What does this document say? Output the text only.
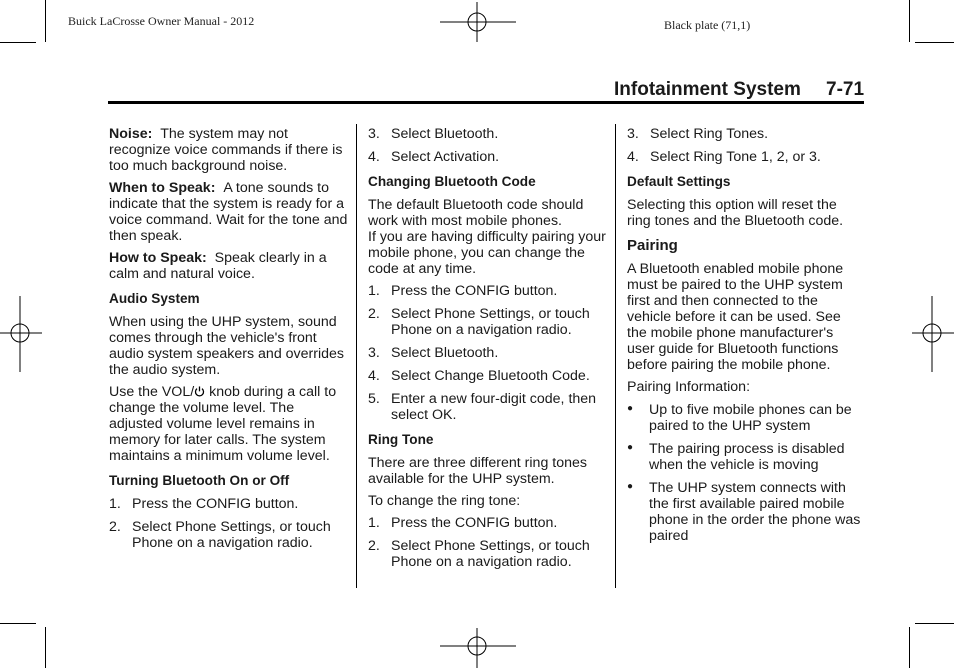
Buick LaCrosse Owner Manual - 2012	Black plate (71,1)
Infotainment System 7-71

Noise: The system may not recognize voice commands if there is too much background noise.

When to Speak: A tone sounds to indicate that the system is ready for a voice command. Wait for the tone and then speak.

How to Speak: Speak clearly in a calm and natural voice.

Audio System

When using the UHP system, sound comes through the vehicle's front audio system speakers and overrides the audio system.

Use the VOL/ knob during a call to change the volume level. The adjusted volume level remains in memory for later calls. The system maintains a minimum volume level.

Turning Bluetooth On or Off
1. Press the CONFIG button.
2. Select Phone Settings, or touch Phone on a navigation radio.
3. Select Bluetooth.
4. Select Activation.
Changing Bluetooth Code

The default Bluetooth code should work with most mobile phones.

If you are having difficulty pairing your mobile phone, you can change the code at any time.

1. Press the CONFIG button.
2. Select Phone Settings, or touch Phone on a navigation radio.
3. Select Bluetooth.
4. Select Change Bluetooth Code.
5. Enter a new four-digit code, then select OK.
Ring Tone

There are three different ring tones available for the UHP system.

To change the ring tone:

1. Press the CONFIG button.
2. Select Phone Settings, or touch Phone on a navigation radio.
3. Select Ring Tones.
4. Select Ring Tone 1, 2, or 3.
Default Settings

Selecting this option will reset the ring tones and the Bluetooth code.

Pairing

A Bluetooth enabled mobile phone must be paired to the UHP system first and then connected to the vehicle before it can be used. See the mobile phone manufacturer's user guide for Bluetooth functions before pairing the mobile phone.

Pairing Information:

●	Up to five mobile phones can be paired to the UHP system
●	The pairing process is disabled when the vehicle is moving
●	The UHP system connects with the first available paired mobile phone in the order the phone was paired
